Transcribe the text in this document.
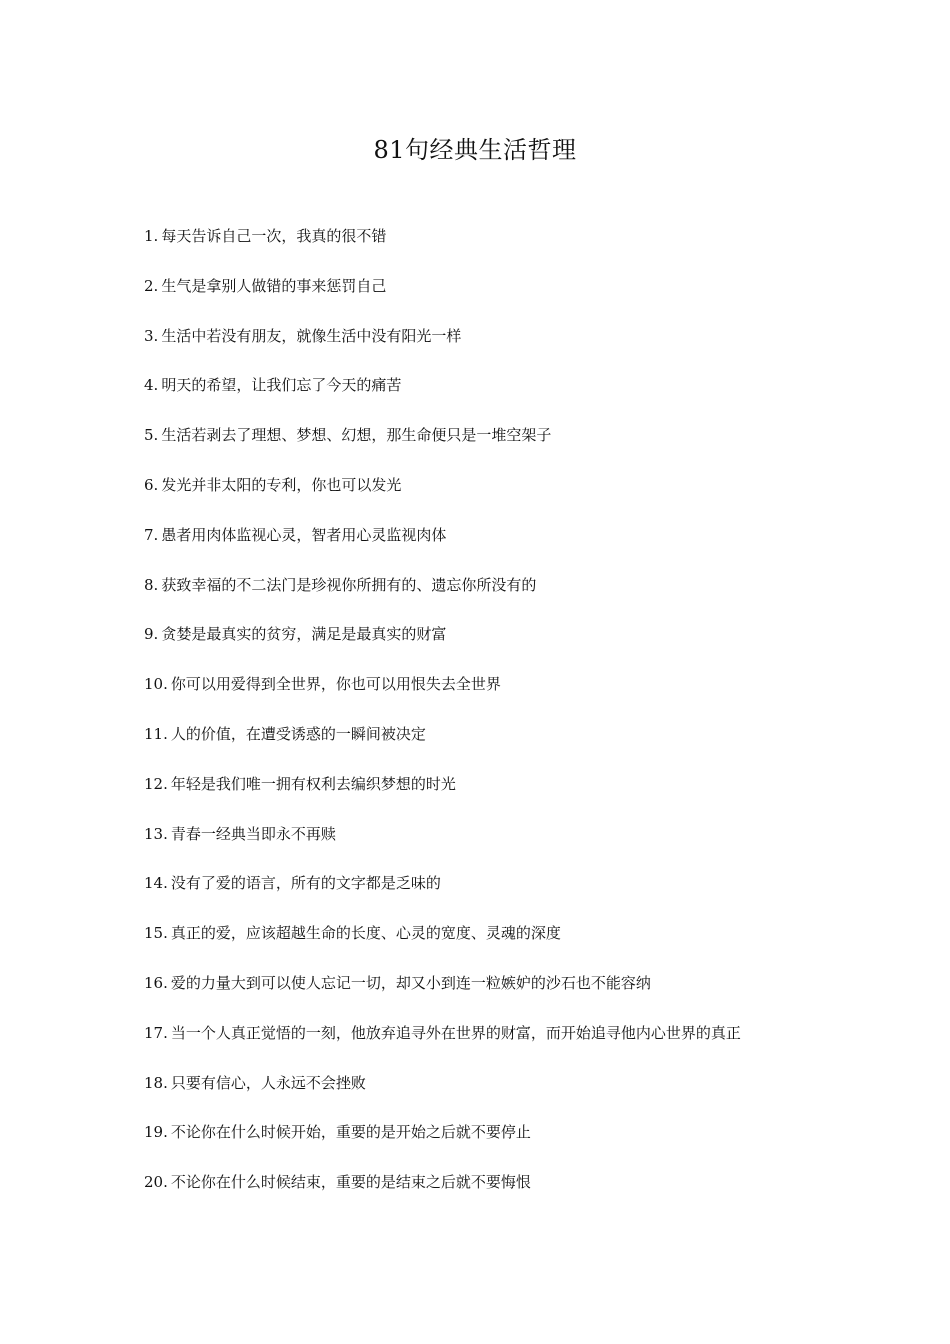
81句经典生活哲理
1. 每天告诉自己一次，我真的很不错
2. 生气是拿别人做错的事来惩罚自己
3. 生活中若没有朋友，就像生活中没有阳光一样
4. 明天的希望，让我们忘了今天的痛苦
5. 生活若剥去了理想、梦想、幻想，那生命便只是一堆空架子
6. 发光并非太阳的专利，你也可以发光
7. 愚者用肉体监视心灵，智者用心灵监视肉体
8. 获致幸福的不二法门是珍视你所拥有的、遗忘你所没有的
9. 贪婪是最真实的贫穷，满足是最真实的财富
10. 你可以用爱得到全世界，你也可以用恨失去全世界
11. 人的价值，在遭受诱惑的一瞬间被决定
12. 年轻是我们唯一拥有权利去编织梦想的时光
13. 青春一经典当即永不再赎
14. 没有了爱的语言，所有的文字都是乏味的
15. 真正的爱，应该超越生命的长度、心灵的宽度、灵魂的深度
16. 爱的力量大到可以使人忘记一切，却又小到连一粒嫉妒的沙石也不能容纳
17. 当一个人真正觉悟的一刻，他放弃追寻外在世界的财富，而开始追寻他内心世界的真正
18. 只要有信心，人永远不会挫败
19. 不论你在什么时候开始，重要的是开始之后就不要停止
20. 不论你在什么时候结束，重要的是结束之后就不要悔恨
